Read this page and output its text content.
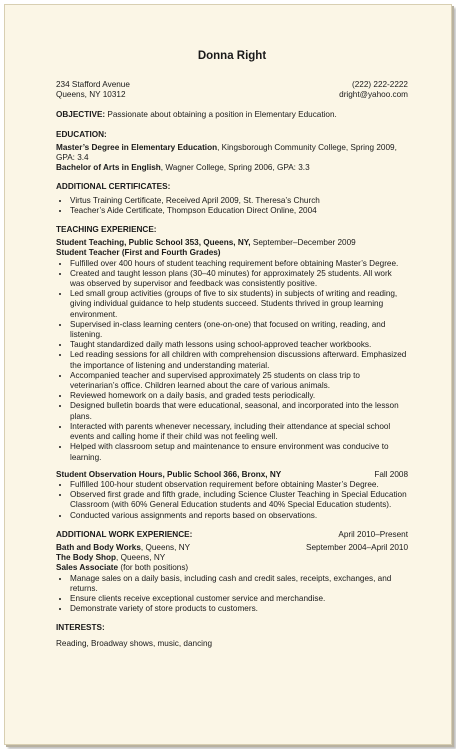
Donna Right
234 Stafford Avenue
Queens, NY 10312
(222) 222-2222
dright@yahoo.com
OBJECTIVE: Passionate about obtaining a position in Elementary Education.
EDUCATION:
Master’s Degree in Elementary Education, Kingsborough Community College, Spring 2009, GPA: 3.4
Bachelor of Arts in English, Wagner College, Spring 2006, GPA: 3.3
ADDITIONAL CERTIFICATES:
• Virtus Training Certificate, Received April 2009, St. Theresa’s Church
• Teacher’s Aide Certificate, Thompson Education Direct Online, 2004
TEACHING EXPERIENCE:
Student Teaching, Public School 353, Queens, NY, September–December 2009
Student Teacher (First and Fourth Grades)
• Fulfilled over 400 hours of student teaching requirement before obtaining Master’s Degree.
• Created and taught lesson plans (30–40 minutes) for approximately 25 students. All work was observed by supervisor and feedback was consistently positive.
• Led small group activities (groups of five to six students) in subjects of writing and reading, giving individual guidance to help students succeed. Students thrived in group learning environment.
• Supervised in-class learning centers (one-on-one) that focused on writing, reading, and listening.
• Taught standardized daily math lessons using school-approved teacher workbooks.
• Led reading sessions for all children with comprehension discussions afterward. Emphasized the importance of listening and understanding material.
• Accompanied teacher and supervised approximately 25 students on class trip to veterinarian’s office. Children learned about the care of various animals.
• Reviewed homework on a daily basis, and graded tests periodically.
• Designed bulletin boards that were educational, seasonal, and incorporated into the lesson plans.
• Interacted with parents whenever necessary, including their attendance at special school events and calling home if their child was not feeling well.
• Helped with classroom setup and maintenance to ensure environment was conducive to learning.
Student Observation Hours, Public School 366, Bronx, NY	Fall 2008
• Fulfilled 100-hour student observation requirement before obtaining Master’s Degree.
• Observed first grade and fifth grade, including Science Cluster Teaching in Special Education Classroom (with 60% General Education students and 40% Special Education students).
• Conducted various assignments and reports based on observations.
ADDITIONAL WORK EXPERIENCE:	April 2010–Present
Bath and Body Works, Queens, NY	September 2004–April 2010
The Body Shop, Queens, NY
Sales Associate (for both positions)
• Manage sales on a daily basis, including cash and credit sales, receipts, exchanges, and returns.
• Ensure clients receive exceptional customer service and merchandise.
• Demonstrate variety of store products to customers.
INTERESTS:
Reading, Broadway shows, music, dancing
